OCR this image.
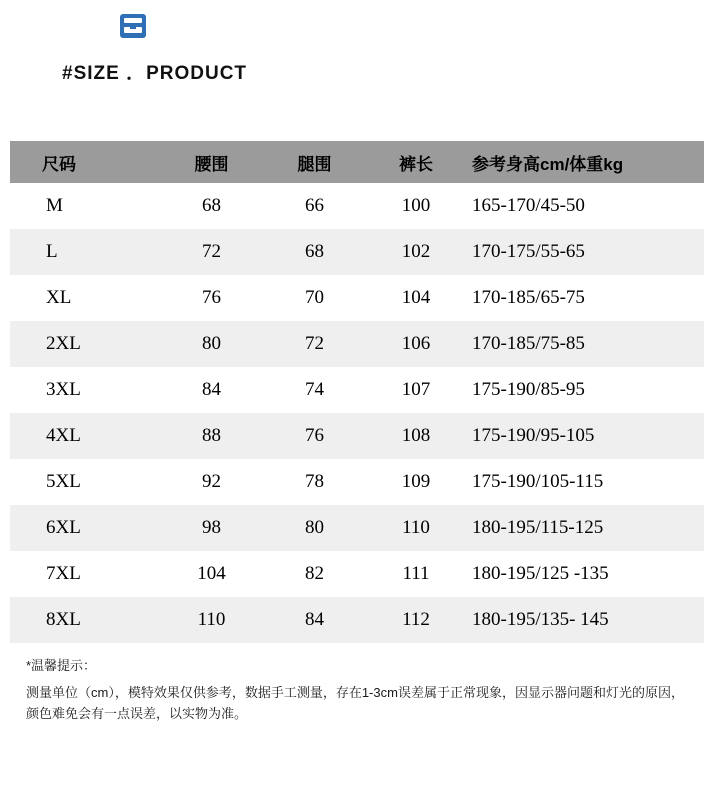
#SIZE ．PRODUCT

尺码	腰围	腿围	裤长	参考身高cm/体重kg
M	68	66	100	165-170/45-50
L	72	68	102	170-175/55-65
XL	76	70	104	170-185/65-75
2XL	80	72	106	170-185/75-85
3XL	84	74	107	175-190/85-95
4XL	88	76	108	175-190/95-105
5XL	92	78	109	175-190/105-115
6XL	98	80	110	180-195/115-125
7XL	104	82	111	180-195/125 -135
8XL	110	84	112	180-195/135- 145
*温馨提示：
测量单位（cm），模特效果仅供参考，数据手工测量，存在1-3cm误差属于正常现象，因显示器问题和灯光的原因，颜色难免会有一点误差，以实物为准。
